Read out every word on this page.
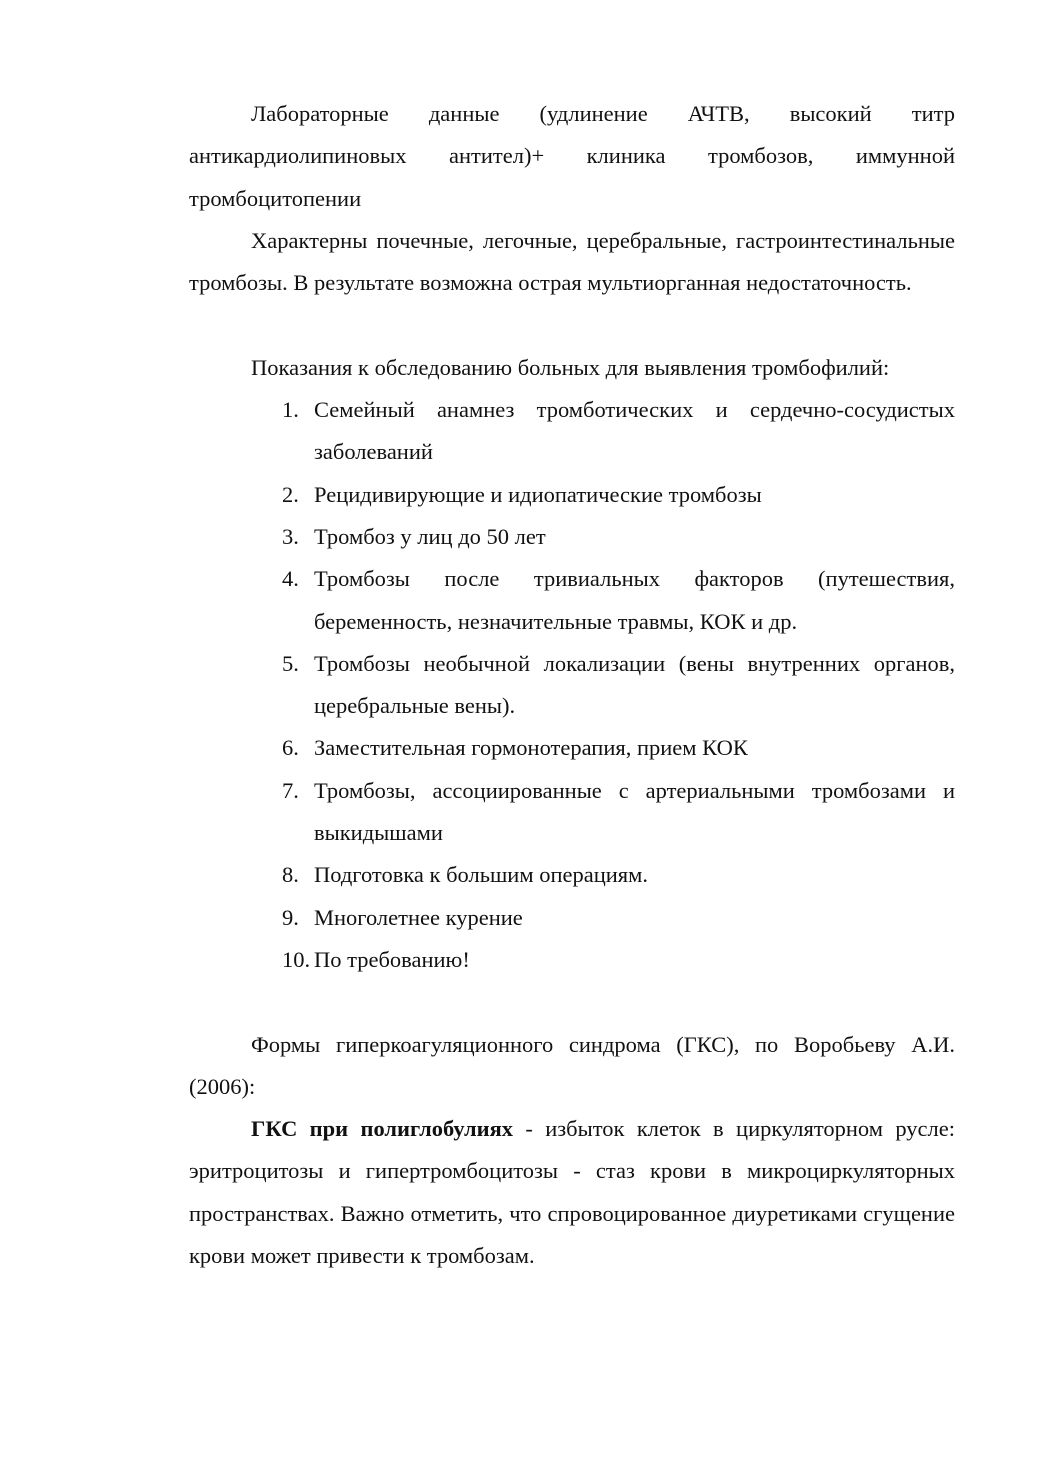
Лабораторные данные (удлинение АЧТВ, высокий титр антикардиолипиновых антител)+ клиника тромбозов, иммунной тромбоцитопении

Характерны почечные, легочные, церебральные, гастроинтестинальные тромбозы. В результате возможна острая мультиорганная недостаточность.

Показания к обследованию больных для выявления тромбофилий:

1. Семейный анамнез тромботических и сердечно-сосудистых заболеваний
2. Рецидивирующие и идиопатические тромбозы
3. Тромбоз у лиц до 50 лет
4. Тромбозы после тривиальных факторов (путешествия, беременность, незначительные травмы, КОК и др.
5. Тромбозы необычной локализации (вены внутренних органов, церебральные вены).
6. Заместительная гормонотерапия, прием КОК
7. Тромбозы, ассоциированные с артериальными тромбозами и выкидышами
8. Подготовка к большим операциям.
9. Многолетнее курение
10. По требованию!

Формы гиперкоагуляционного синдрома (ГКС), по Воробьеву А.И. (2006):

ГКС при полиглобулиях - избыток клеток в циркуляторном русле: эритроцитозы и гипертромбоцитозы - стаз крови в микроциркуляторных пространствах. Важно отметить, что спровоцированное диуретиками сгущение крови может привести к тромбозам.
